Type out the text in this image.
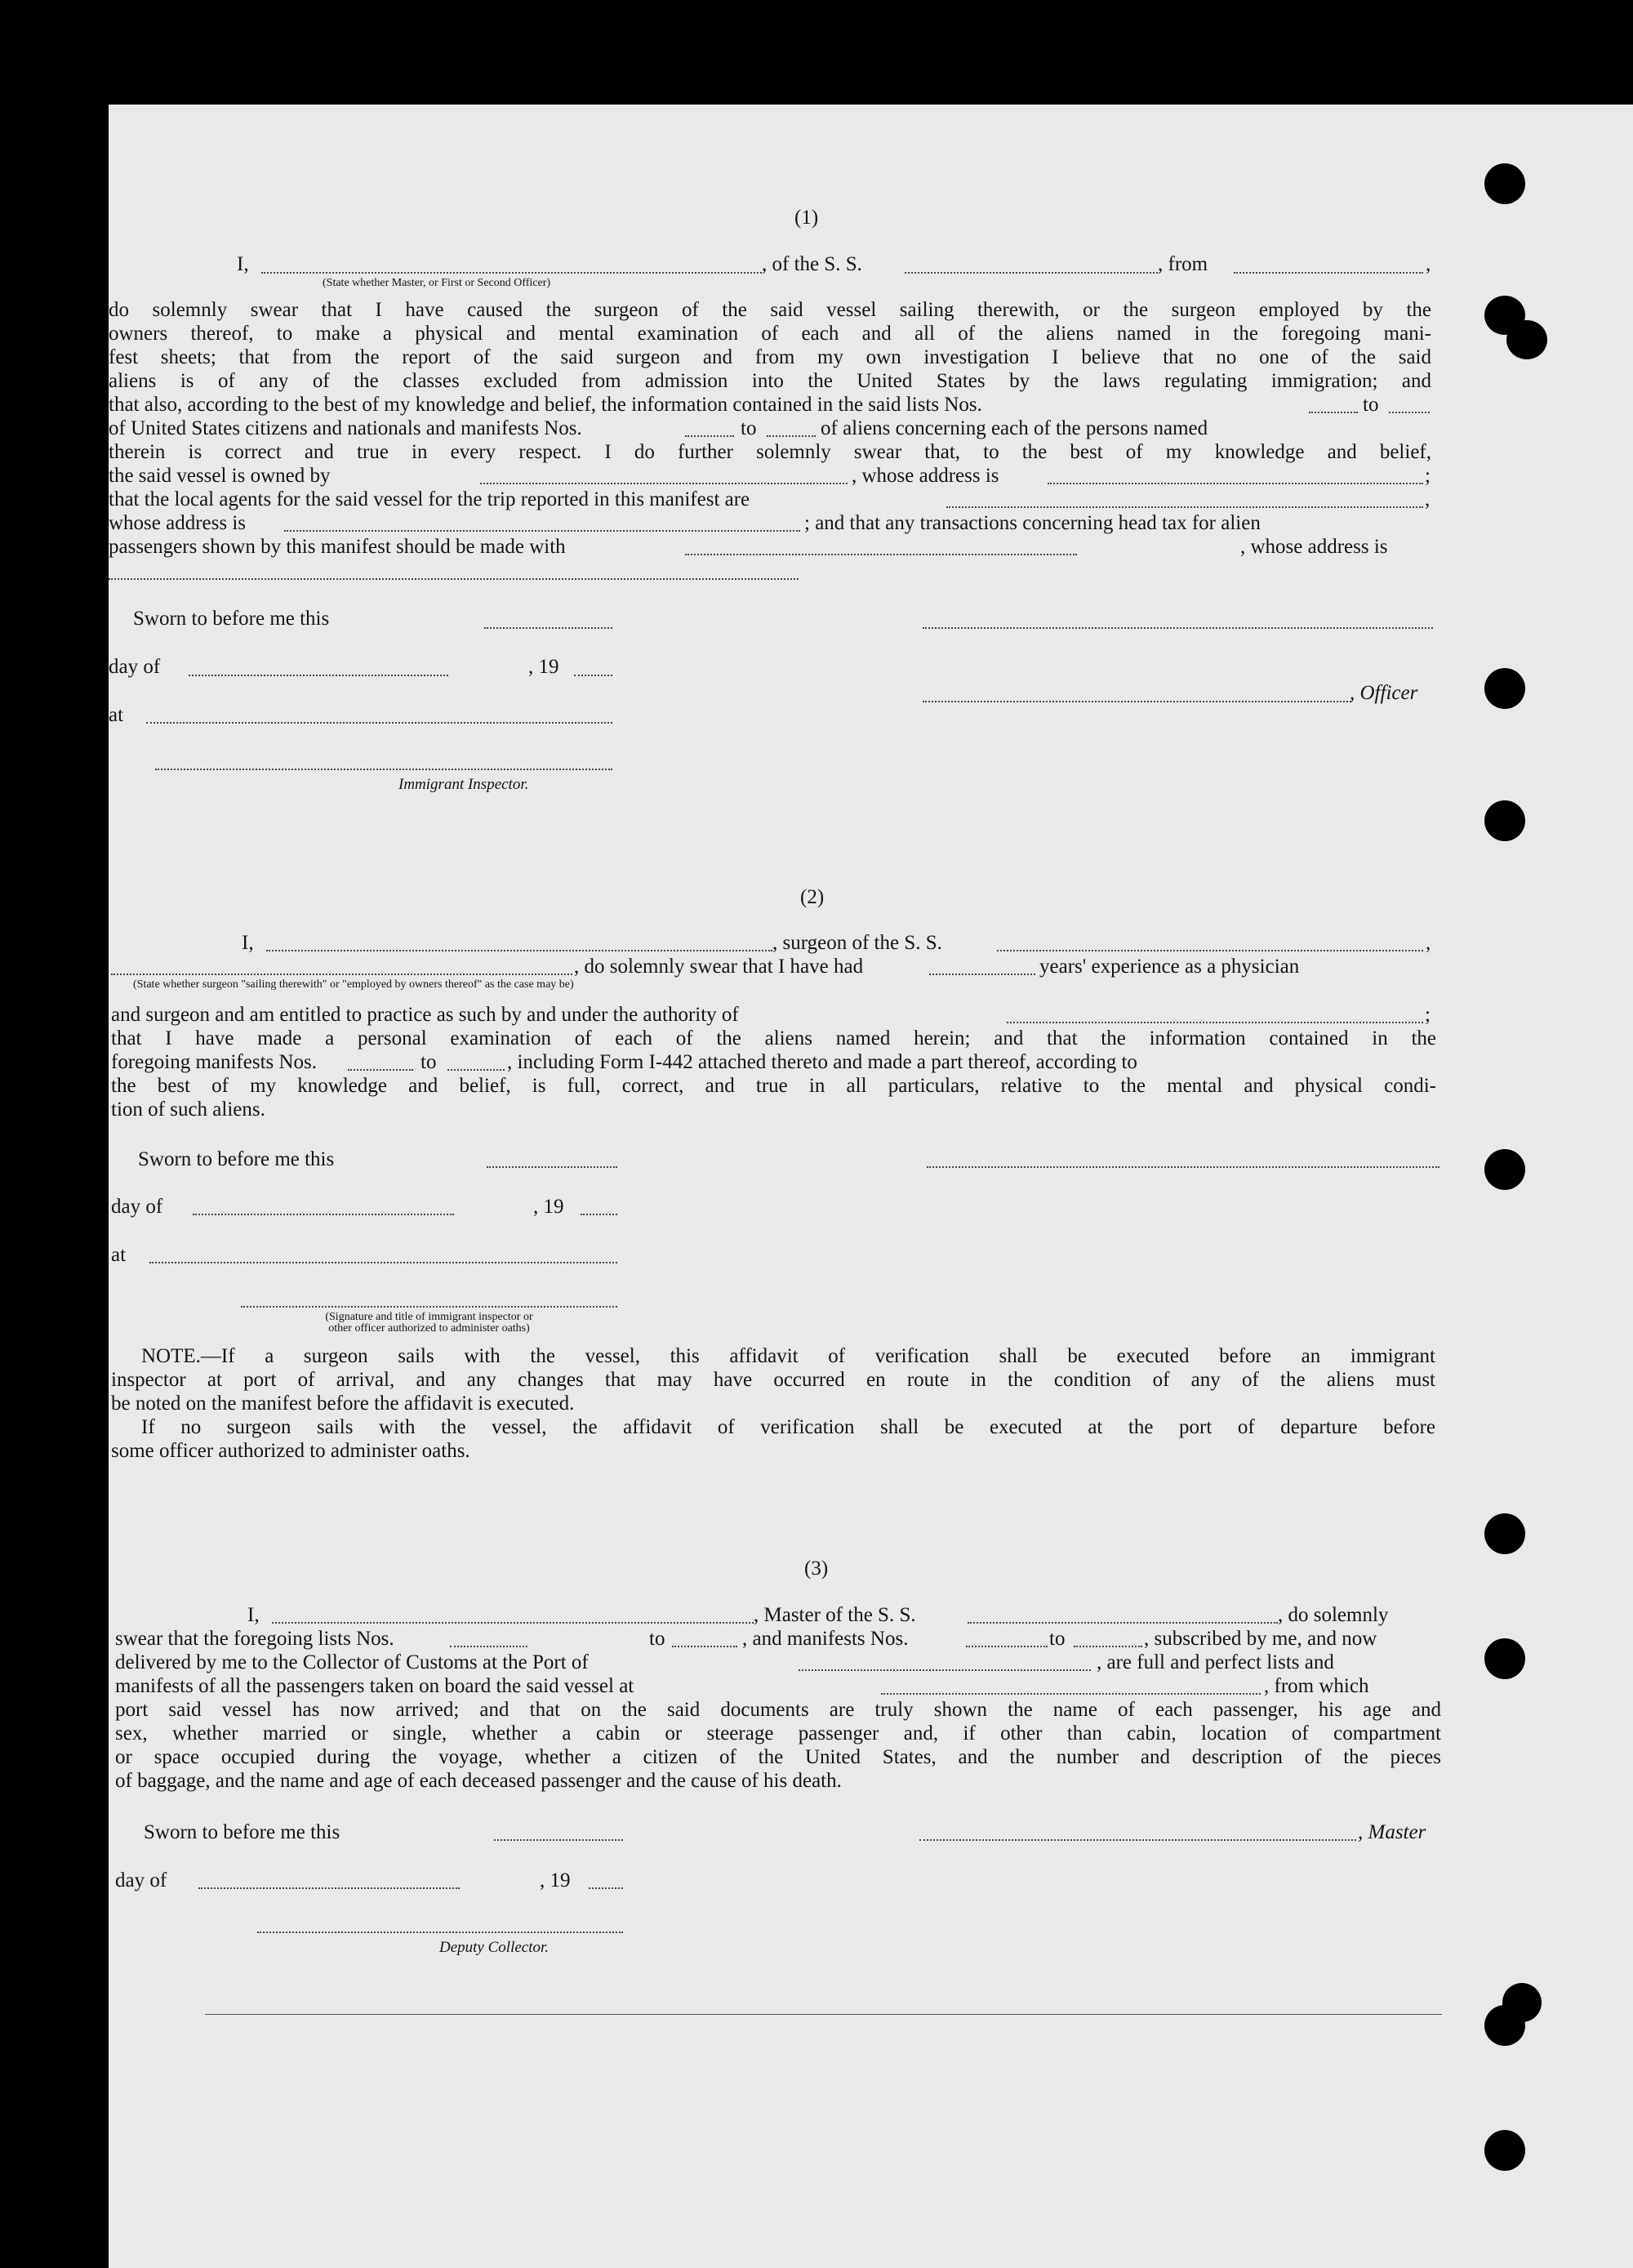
(1)
I,	, of the S. S.	, from	,
(State whether Master, or First or Second Officer)
do solemnly swear that I have caused the surgeon of the said vessel sailing therewith, or the surgeon employed by the
owners thereof, to make a physical and mental examination of each and all of the aliens named in the foregoing mani-
fest sheets; that from the report of the said surgeon and from my own investigation I believe that no one of the said
aliens is of any of the classes excluded from admission into the United States by the laws regulating immigration; and
that also, according to the best of my knowledge and belief, the information contained in the said lists Nos.	to
of United States citizens and nationals and manifests Nos.	to	of aliens concerning each of the persons named
therein is correct and true in every respect. I do further solemnly swear that, to the best of my knowledge and belief,
the said vessel is owned by	, whose address is	;
that the local agents for the said vessel for the trip reported in this manifest are	,
whose address is	; and that any transactions concerning head tax for alien
passengers shown by this manifest should be made with	, whose address is
Sworn to before me this
day of	, 19
, Officer
at
Immigrant Inspector.
(2)
I,	, surgeon of the S. S.	,
, do solemnly swear that I have had	years' experience as a physician
(State whether surgeon "sailing therewith" or "employed by owners thereof" as the case may be)
and surgeon and am entitled to practice as such by and under the authority of	;
that I have made a personal examination of each of the aliens named herein; and that the information contained in the
foregoing manifests Nos.	to	, including Form I-442 attached thereto and made a part thereof, according to
the best of my knowledge and belief, is full, correct, and true in all particulars, relative to the mental and physical condi-
tion of such aliens.
Sworn to before me this
day of	, 19
at
(Signature and title of immigrant inspector or
other officer authorized to administer oaths)
NOTE.—If a surgeon sails with the vessel, this affidavit of verification shall be executed before an immigrant
inspector at port of arrival, and any changes that may have occurred en route in the condition of any of the aliens must
be noted on the manifest before the affidavit is executed.
If no surgeon sails with the vessel, the affidavit of verification shall be executed at the port of departure before
some officer authorized to administer oaths.
(3)
I,	, Master of the S. S.	, do solemnly
swear that the foregoing lists Nos.	to	, and manifests Nos.	to	, subscribed by me, and now
delivered by me to the Collector of Customs at the Port of	, are full and perfect lists and
manifests of all the passengers taken on board the said vessel at	, from which
port said vessel has now arrived; and that on the said documents are truly shown the name of each passenger, his age and
sex, whether married or single, whether a cabin or steerage passenger and, if other than cabin, location of compartment
or space occupied during the voyage, whether a citizen of the United States, and the number and description of the pieces
of baggage, and the name and age of each deceased passenger and the cause of his death.
Sworn to before me this	, Master
day of	, 19
Deputy Collector.
